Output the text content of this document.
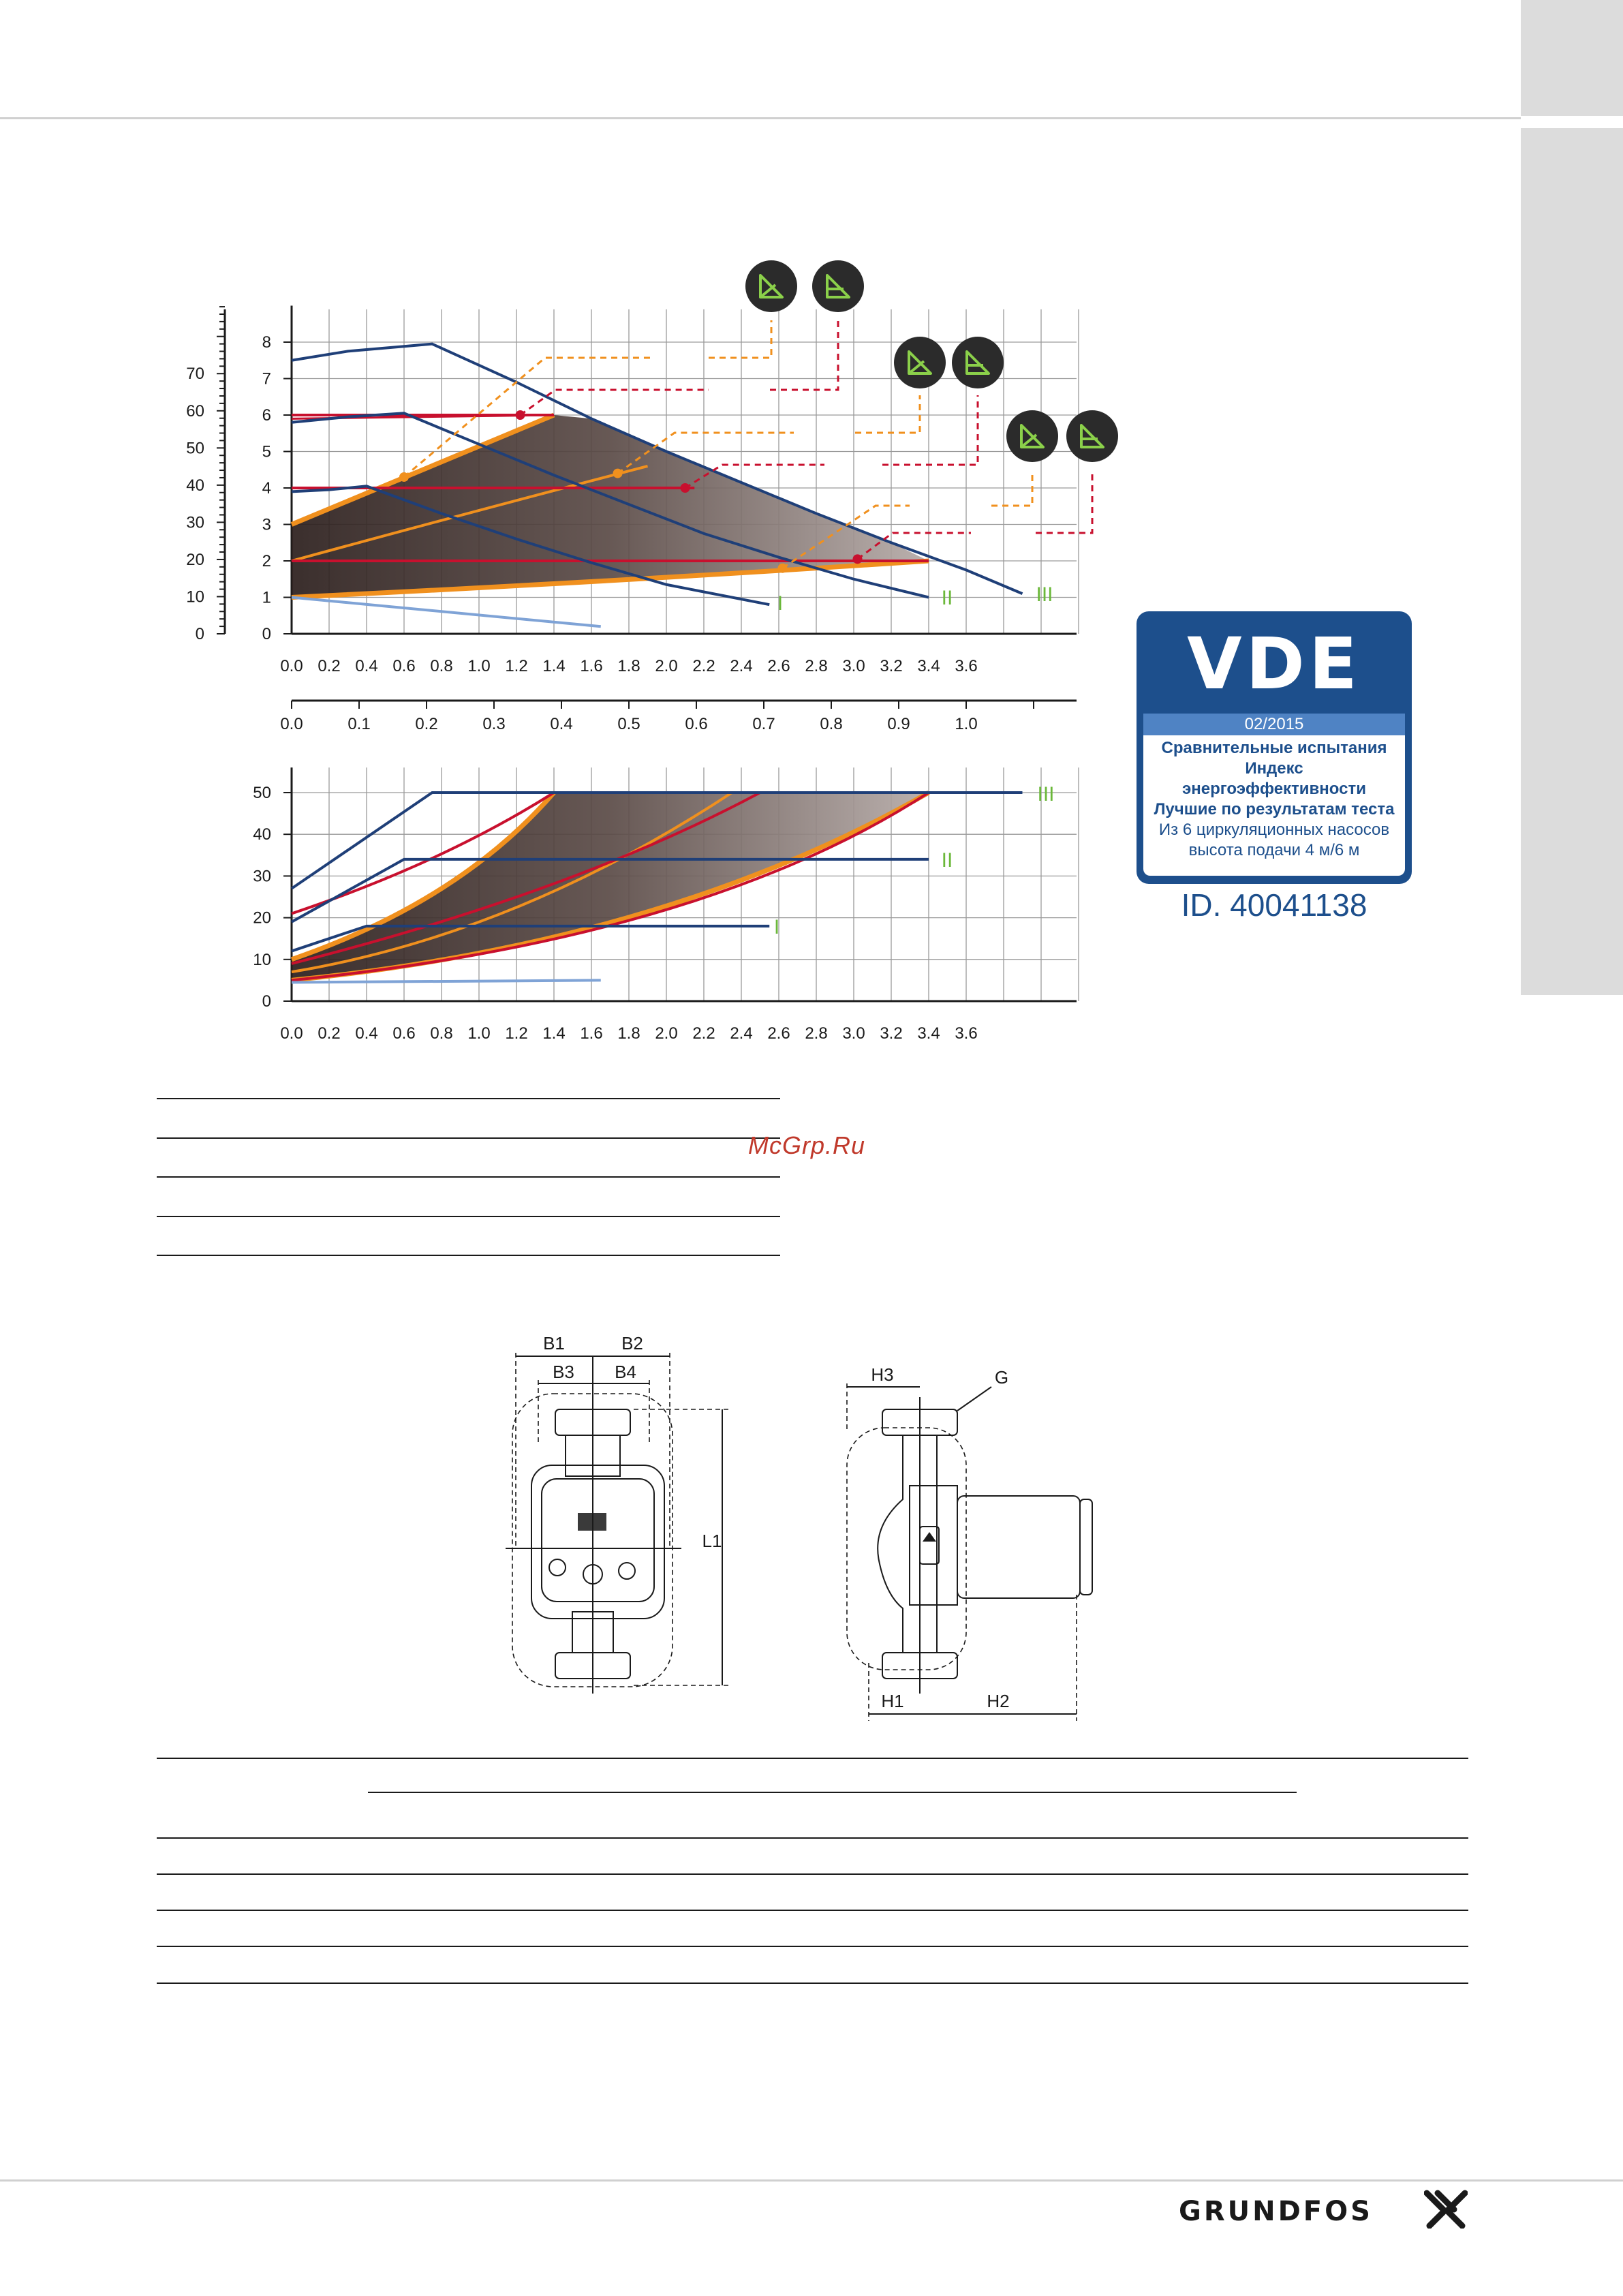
0
10
20
30
40
50
60
70
0
1
2
3
4
5
6
7
8
0.0 0.2 0.4 0.6 0.8 1.0 1.2 1.4 1.6 1.8 2.0 2.2 2.4 2.6 2.8 3.0 3.2 3.4 3.6
I	II	III
0.0	0.1	0.2	0.3	0.4	0.5	0.6	0.7	0.8	0.9	1.0
0
10
20
30
40
50
0.0 0.2 0.4 0.6 0.8 1.0 1.2 1.4 1.6 1.8 2.0 2.2 2.4 2.6 2.8 3.0 3.2 3.4 3.6
I
II
III
B1	B2
B3 B4
L1
H3	G
H1	H2
VDE
02/2015
Сравнительные испытания
Индекс
энергоэффективности
Лучшие по результатам теста
Из 6 циркуляционных насосов
высота подачи 4 м/6 м
ID. 40041138
McGrp.Ru
GRUNDFOS
